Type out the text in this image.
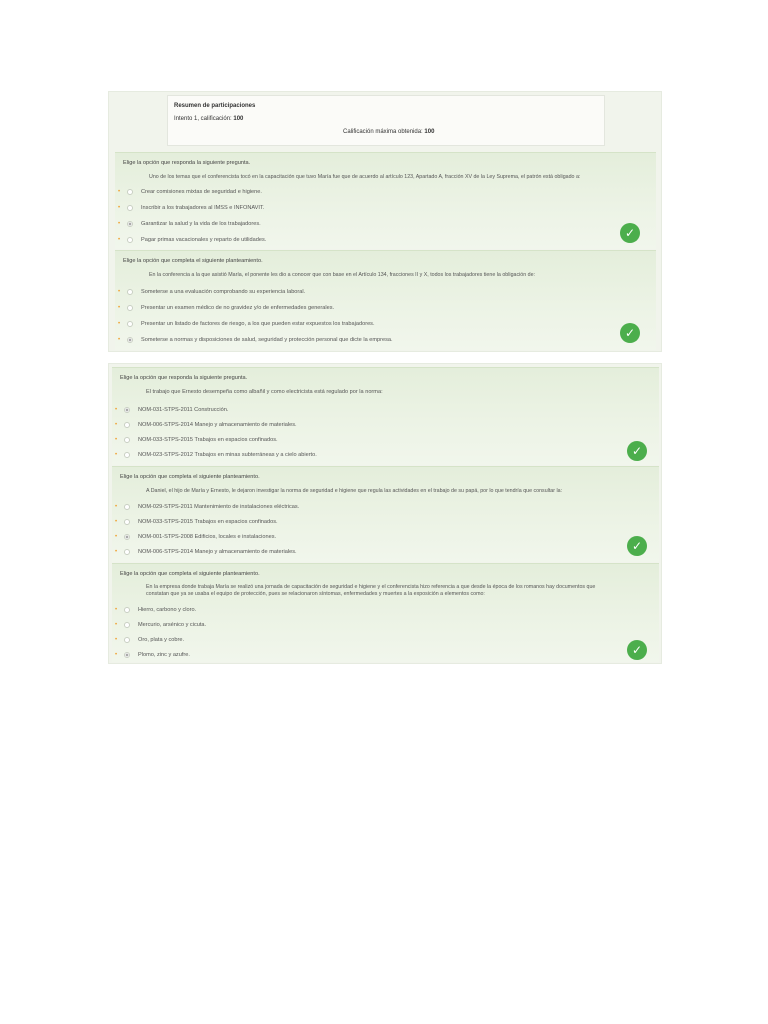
Resumen de participaciones
Intento 1, calificación: 100
Calificación máxima obtenida: 100
Elige la opción que responda la siguiente pregunta.
Uno de los temas que el conferencista tocó en la capacitación que tuvo María fue que de acuerdo al artículo 123, Apartado A, fracción XV de la Ley Suprema, el patrón está obligado a:
•	Crear comisiones mixtas de seguridad e higiene.
•	Inscribir a los trabajadores al IMSS e INFONAVIT.
•	Garantizar la salud y la vida de los trabajadores.
•	Pagar primas vacacionales y reparto de utilidades.	✓
Elige la opción que completa el siguiente planteamiento.
En la conferencia a la que asistió María, el ponente les dio a conocer que con base en el Artículo 134, fracciones II y X, todos los trabajadores tiene la obligación de:
•	Someterse a una evaluación comprobando su experiencia laboral.
•	Presentar un examen médico de no gravidez y/o de enfermedades generales.
•	Presentar un listado de factores de riesgo, a los que pueden estar expuestos los trabajadores.
•	Someterse a normas y disposiciones de salud, seguridad y protección personal que dicte la empresa.	✓
Elige la opción que responda la siguiente pregunta.
El trabajo que Ernesto desempeña como albañil y como electricista está regulado por la norma:
•	NOM-031-STPS-2011 Construcción.
•	NOM-006-STPS-2014 Manejo y almacenamiento de materiales.
•	NOM-033-STPS-2015 Trabajos en espacios confinados.
•	NOM-023-STPS-2012 Trabajos en minas subterráneas y a cielo abierto.	✓
Elige la opción que completa el siguiente planteamiento.
A Daniel, el hijo de María y Ernesto, le dejaron investigar la norma de seguridad e higiene que regula las actividades en el trabajo de su papá, por lo que tendría que consultar la:
•	NOM-029-STPS-2011 Mantenimiento de instalaciones eléctricas.
•	NOM-033-STPS-2015 Trabajos en espacios confinados.
•	NOM-001-STPS-2008 Edificios, locales e instalaciones.
•	NOM-006-STPS-2014 Manejo y almacenamiento de materiales.	✓
Elige la opción que completa el siguiente planteamiento.
En la empresa donde trabaja María se realizó una jornada de capacitación de seguridad e higiene y el conferencista hizo referencia a que desde la época de los romanos hay documentos que constatan que ya se usaba el equipo de protección, pues se relacionaron síntomas, enfermedades y muertes a la exposición a elementos como:
•	Hierro, carbono y cloro.
•	Mercurio, arsénico y cicuta.
•	Oro, plata y cobre.
•	Plomo, zinc y azufre.	✓
